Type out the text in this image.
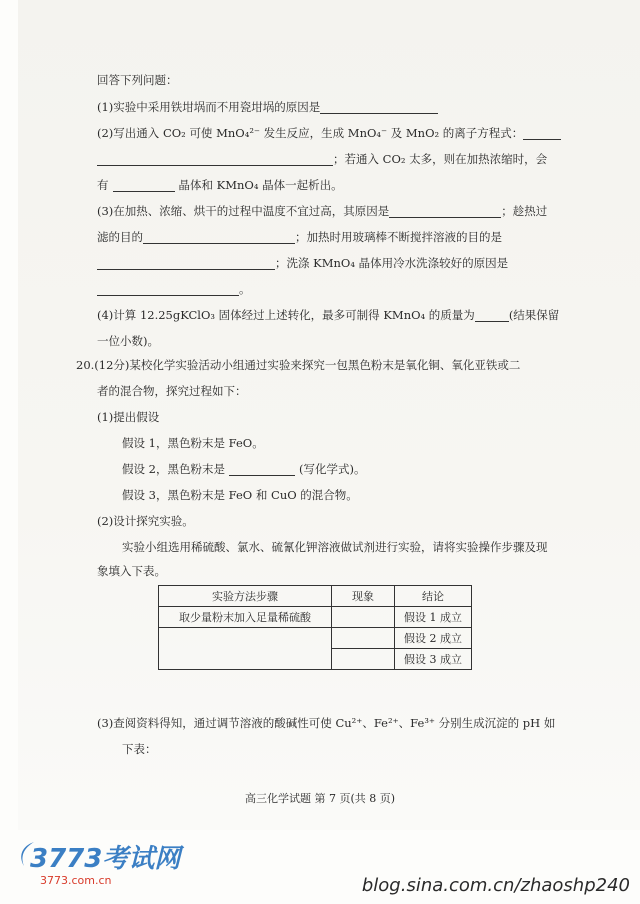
回答下列问题：
(1)实验中采用铁坩埚而不用瓷坩埚的原因是
(2)写出通入 CO₂ 可使 MnO₄²⁻ 发生反应，生成 MnO₄⁻ 及 MnO₂ 的离子方程式：
；若通入 CO₂ 太多，则在加热浓缩时，会
有	晶体和 KMnO₄ 晶体一起析出。
(3)在加热、浓缩、烘干的过程中温度不宜过高，其原因是	；趁热过
滤的目的	；加热时用玻璃棒不断搅拌溶液的目的是
；洗涤 KMnO₄ 晶体用冷水洗涤较好的原因是
。
(4)计算 12.25gKClO₃ 固体经过上述转化，最多可制得 KMnO₄ 的质量为	(结果保留
一位小数)。
20.(12分)某校化学实验活动小组通过实验来探究一包黑色粉末是氧化铜、氧化亚铁或二
者的混合物，探究过程如下：
(1)提出假设
假设 1，黑色粉末是 FeO。
假设 2，黑色粉末是	(写化学式)。
假设 3，黑色粉末是 FeO 和 CuO 的混合物。
(2)设计探究实验。
实验小组选用稀硫酸、氯水、硫氰化钾溶液做试剂进行实验，请将实验操作步骤及现
象填入下表。
实验方法步骤	现象	结论
取少量粉末加入足量稀硫酸		假设 1 成立
		假设 2 成立
		假设 3 成立
(3)查阅资料得知，通过调节溶液的酸碱性可使 Cu²⁺、Fe²⁺、Fe³⁺ 分别生成沉淀的 pH 如
下表：
高三化学试题 第 7 页(共 8 页)
3773考试网
3773.com.cn	blog.sina.com.cn/zhaoshp240
